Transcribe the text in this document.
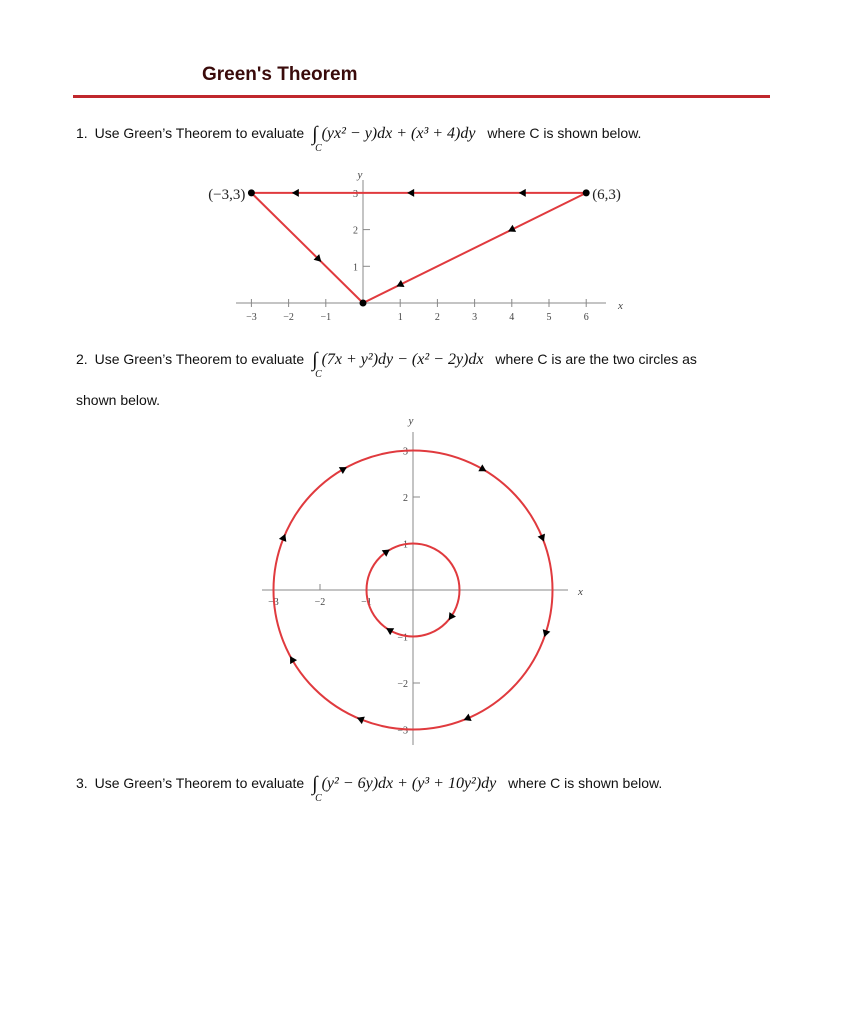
Green's Theorem
1. Use Green’s Theorem to evaluate ∫ (yx² − y)dx + (x³ + 4)dy
C
where C is shown below.
2. Use Green’s Theorem to evaluate ∫ (7x + y²)dy − (x² − 2y)dx
C
where C is are the two circles as
shown below.
3. Use Green’s Theorem to evaluate ∫ (y² − 6y)dx + (y³ + 10y²)dy
C
where C is shown below.
−3	−2	−1	1	2	3	4	5	6
1
2
3
x
y
(−3,3)	(6,3)
−3	−2	−1
−3
−2
−1
1
2
3
x
y
